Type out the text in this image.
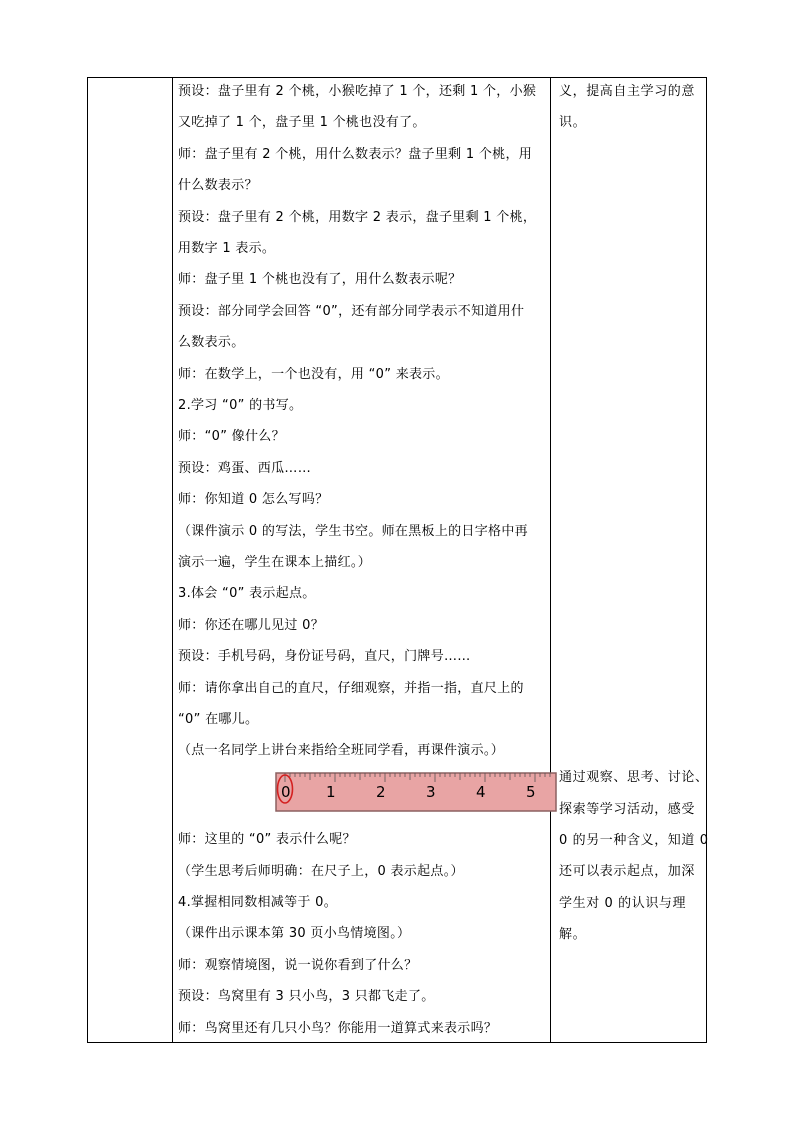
预设：盘子里有 2 个桃，小猴吃掉了 1 个，还剩 1 个，小猴
又吃掉了 1 个，盘子里 1 个桃也没有了。
师：盘子里有 2 个桃，用什么数表示？盘子里剩 1 个桃，用
什么数表示？
预设：盘子里有 2 个桃，用数字 2 表示，盘子里剩 1 个桃，
用数字 1 表示。
师：盘子里 1 个桃也没有了，用什么数表示呢？
预设：部分同学会回答 “0”，还有部分同学表示不知道用什
么数表示。
师：在数学上，一个也没有，用 “0” 来表示。
2.学习 “0” 的书写。
师：“0” 像什么？
预设：鸡蛋、西瓜……
师：你知道 0 怎么写吗？
（课件演示 0 的写法，学生书空。师在黑板上的日字格中再
演示一遍，学生在课本上描红。）
3.体会 “0” 表示起点。
师：你还在哪儿见过 0？
预设：手机号码，身份证号码，直尺，门牌号……
师：请你拿出自己的直尺，仔细观察，并指一指，直尺上的
“0” 在哪儿。
（点一名同学上讲台来指给全班同学看，再课件演示。）
0 1	2	3	4	5
师：这里的 “0” 表示什么呢？
（学生思考后师明确：在尺子上，0 表示起点。）
4.掌握相同数相减等于 0。
（课件出示课本第 30 页小鸟情境图。）
师：观察情境图，说一说你看到了什么？
预设：鸟窝里有 3 只小鸟，3 只都飞走了。
师：鸟窝里还有几只小鸟？你能用一道算式来表示吗？
义，提高自主学习的意
识。
通过观察、思考、讨论、
探索等学习活动，感受
0 的另一种含义，知道 0
还可以表示起点，加深
学生对 0 的认识与理
解。
